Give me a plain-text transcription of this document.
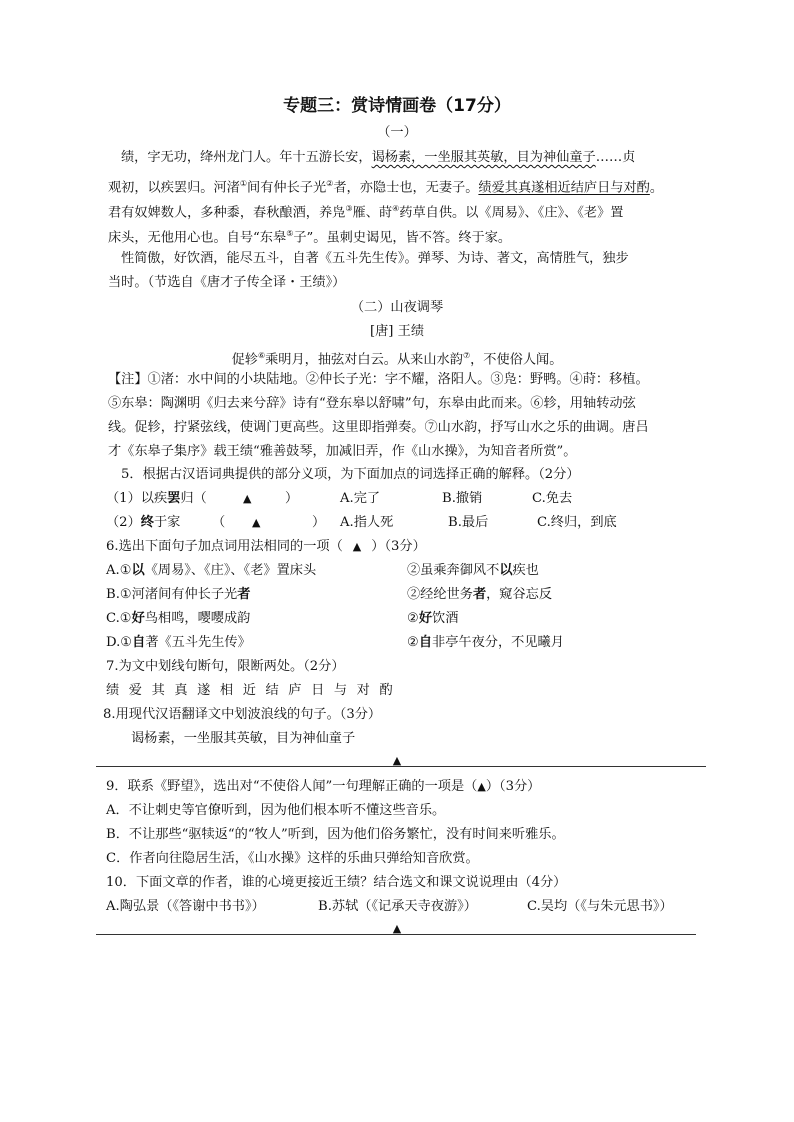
专题三：赏诗情画卷（17分）
（一）
绩，字无功，绛州龙门人。年十五游长安，谒杨素，一坐服其英敏，目为神仙童子……贞
观初，以疾罢归。河渚①间有仲长子光②者，亦隐士也，无妻子。绩爱其真遂相近结庐日与对酌。
君有奴婢数人，多种黍，春秋酿酒，养凫③雁、莳④药草自供。以《周易》、《庄》、《老》置
床头，无他用心也。自号“东皋⑤子”。虽刺史谒见，皆不答。终于家。
性简傲，好饮酒，能尽五斗，自著《五斗先生传》。弹琴、为诗、著文，高情胜气，独步
当时。（节选自《唐才子传全译・王绩》）
（二）山夜调琴
[唐] 王绩
促轸⑥乘明月，抽弦对白云。从来山水韵⑦，不使俗人闻。
【注】①渚：水中间的小块陆地。②仲长子光：字不耀，洛阳人。③凫：野鸭。④莳：移植。
⑤东皋：陶渊明《归去来兮辞》诗有“登东皋以舒啸”句，东皋由此而来。⑥轸，用轴转动弦
线。促轸，拧紧弦线，使调门更高些。这里即指弹奏。⑦山水韵，抒写山水之乐的曲调。唐吕
才《东皋子集序》载王绩“雅善鼓琴，加减旧弄，作《山水操》，为知音者所赏”。
5．根据古汉语词典提供的部分义项，为下面加点的词选择正确的解释。（2分）
（1）以疾罢归（	▲	）	A.完了	B.撤销	C.免去
（2）终于家 （ ▲	） A.指人死	B.最后	C.终归，到底
6.选出下面句子加点词用法相同的一项（ ▲ ）（3分）
A.①以《周易》、《庄》、《老》置床头	②虽乘奔御风不以疾也
B.①河渚间有仲长子光者	②经纶世务者，窥谷忘反
C.①好鸟相鸣，嘤嘤成韵	②好饮酒
D.①自著《五斗先生传》	②自非亭午夜分，不见曦月
7.为文中划线句断句，限断两处。（2分）
绩爱其真遂相近结庐日与对酌
8.用现代汉语翻译文中划波浪线的句子。（3分）
谒杨素，一坐服其英敏，目为神仙童子
▲
9．联系《野望》，选出对“不使俗人闻”一句理解正确的一项是（▲）（3分）
A．不让刺史等官僚听到，因为他们根本听不懂这些音乐。
B．不让那些“驱犊返“的“牧人”听到，因为他们俗务繁忙，没有时间来听雅乐。
C．作者向往隐居生活，《山水操》这样的乐曲只弹给知音欣赏。
10．下面文章的作者，谁的心境更接近王绩？结合选文和课文说说理由（4分）
A.陶弘景（《答谢中书书》）	B.苏轼（《记承天寺夜游》）	C.吴均（《与朱元思书》）
▲
